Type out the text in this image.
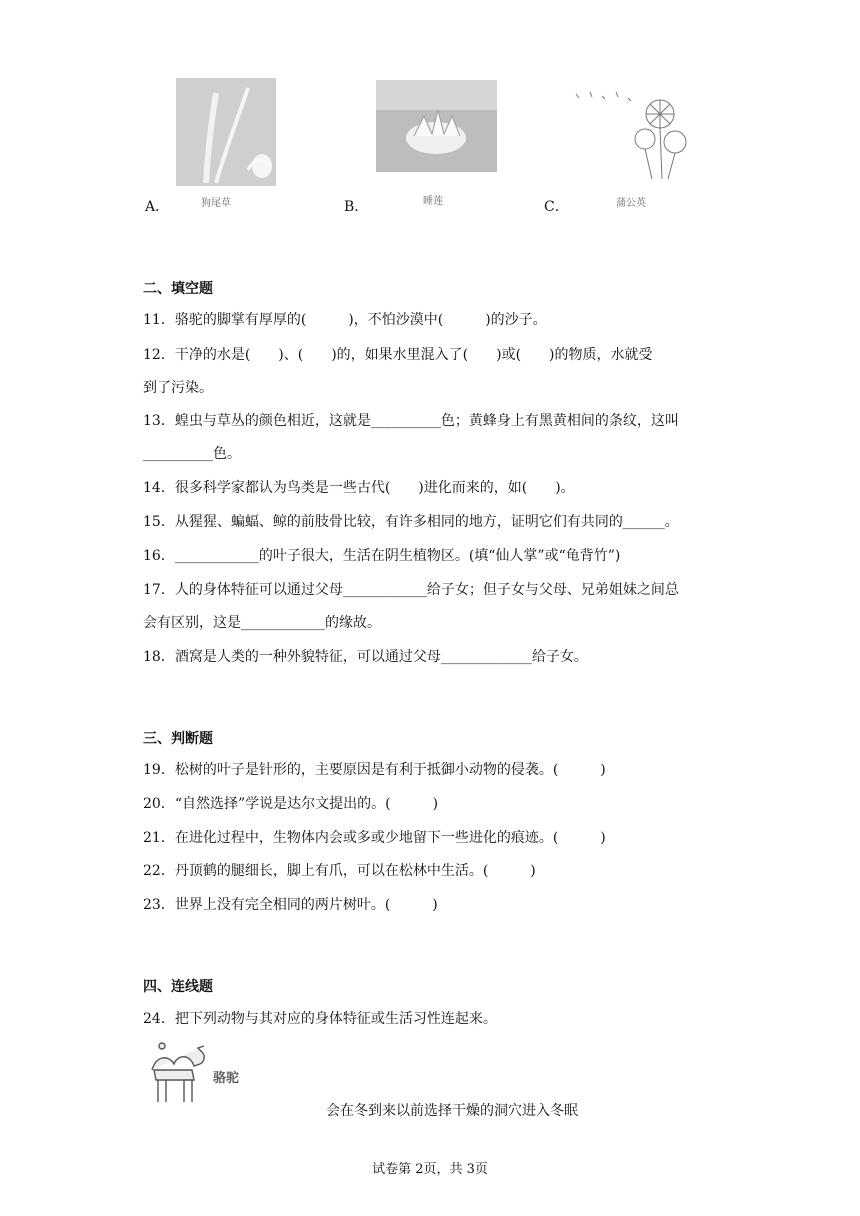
A．	狗尾草	B．	睡莲	C．	蒲公英
二、填空题
11．骆驼的脚掌有厚厚的(　　　)，不怕沙漠中(　　　)的沙子。
12．干净的水是(　　)、(　　)的，如果水里混入了(　　)或(　　)的物质，水就受
到了污染。
13．蝗虫与草丛的颜色相近，这就是__________色；黄蜂身上有黑黄相间的条纹，这叫
__________色。
14．很多科学家都认为鸟类是一些古代(　　)进化而来的，如(　　)。
15．从猩猩、蝙蝠、鲸的前肢骨比较，有许多相同的地方，证明它们有共同的______。
16．____________的叶子很大，生活在阴生植物区。(填“仙人掌”或“龟背竹”)
17．人的身体特征可以通过父母____________给子女；但子女与父母、兄弟姐妹之间总
会有区别，这是____________的缘故。
18．酒窝是人类的一种外貌特征，可以通过父母_____________给子女。
三、判断题
19．松树的叶子是针形的，主要原因是有利于抵御小动物的侵袭。(　　　)
20．“自然选择”学说是达尔文提出的。(　　　)
21．在进化过程中，生物体内会或多或少地留下一些进化的痕迹。(　　　)
22．丹顶鹤的腿细长，脚上有爪，可以在松林中生活。(　　　)
23．世界上没有完全相同的两片树叶。(　　　)
四、连线题
24．把下列动物与其对应的身体特征或生活习性连起来。
骆驼
会在冬到来以前选择干燥的洞穴进入冬眠
试卷第 2页，共 3页
